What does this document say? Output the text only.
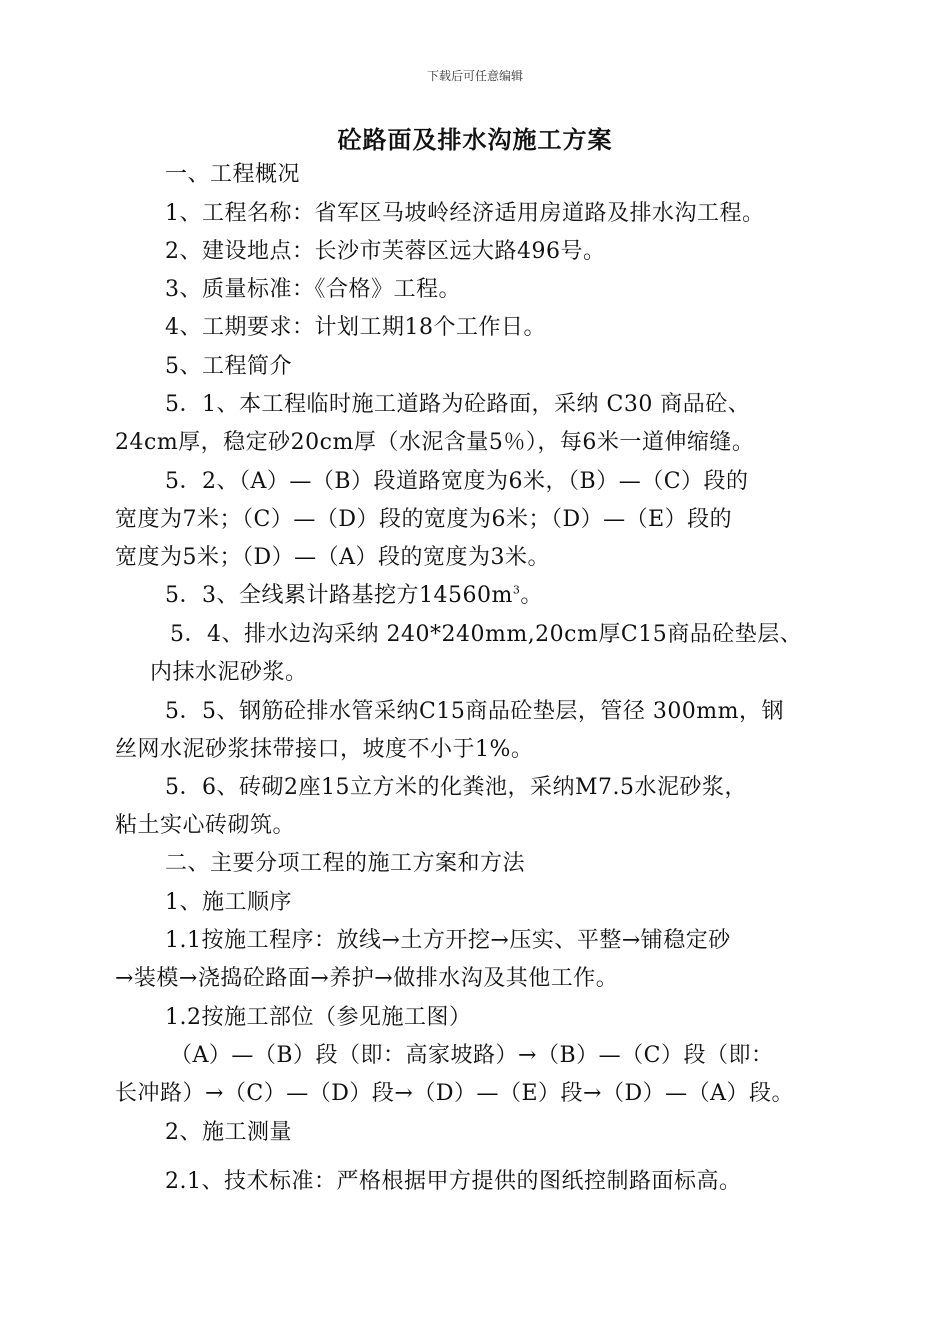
下载后可任意编辑
砼路面及排水沟施工方案
一、工程概况
1、工程名称：省军区马坡岭经济适用房道路及排水沟工程。
2、建设地点：长沙市芙蓉区远大路496号。
3、质量标准：《合格》工程。
4、工期要求：计划工期18个工作日。
5、工程简介
5．1、本工程临时施工道路为砼路面，采纳 C30 商品砼、
24cm厚，稳定砂20cm厚（水泥含量5％），每6米一道伸缩缝。
5．2、（A）—（B）段道路宽度为6米，（B）—（C）段的
宽度为7米；（C）—（D）段的宽度为6米；（D）—（E）段的
宽度为5米；（D）—（A）段的宽度为3米。
5．3、全线累计路基挖方$14560m^3$。
5．4、排水边沟采纳 240*240mm,20cm厚C15商品砼垫层、
内抹水泥砂浆。
5．5、钢筋砼排水管采纳C15商品砼垫层，管径 300mm，钢
丝网水泥砂浆抹带接口，坡度不小于1%。
5．6、砖砌2座15立方米的化粪池，采纳M7.5水泥砂浆，
粘土实心砖砌筑。
二、主要分项工程的施工方案和方法
1、施工顺序
1.1按施工程序：放线→土方开挖→压实、平整→铺稳定砂
→装模→浇捣砼路面→养护→做排水沟及其他工作。
1.2按施工部位（参见施工图）
（A）—（B）段（即：高家坡路）→（B）—（C）段（即：
长冲路）→（C）—（D）段→（D）—（E）段→（D）—（A）段。
2、施工测量
2.1、技术标准：严格根据甲方提供的图纸控制路面标高。
